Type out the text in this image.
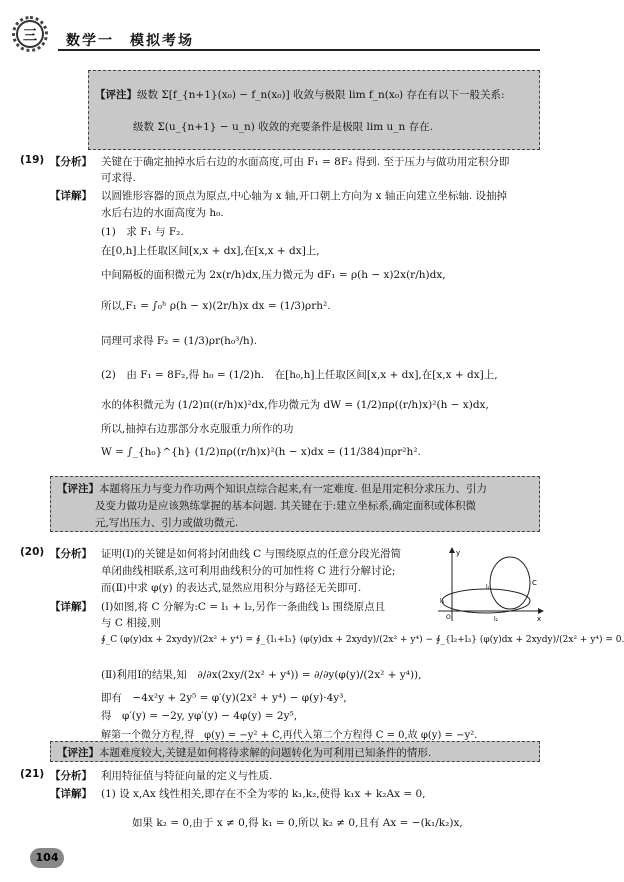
三 数学一　模拟考场
【评注】级数 Σ[f_{n+1}(x₀) − f_n(x₀)] 收敛与极限 lim f_n(x₀) 存在有以下一般关系:
级数 Σ(u_{n+1} − u_n) 收敛的充要条件是极限 lim u_n 存在.
(19) 【分析】 关键在于确定抽掉水后右边的水面高度,可由 F₁ = 8F₂ 得到. 至于压力与做功用定积分即
可求得.
【详解】 以圆锥形容器的顶点为原点,中心轴为 x 轴,开口朝上方向为 x 轴正向建立坐标轴. 设抽掉
水后右边的水面高度为 h₀.
(1)　求 F₁ 与 F₂.
在[0,h]上任取区间[x,x + dx],在[x,x + dx]上,
中间隔板的面积微元为 2x(r/h)dx,压力微元为 dF₁ = ρ(h − x)2x(r/h)dx,
所以,F₁ = ∫₀ʰ ρ(h − x)(2r/h)x dx = (1/3)ρrh².
同理可求得 F₂ = (1/3)ρr(h₀³/h).
(2)　由 F₁ = 8F₂,得 h₀ = (1/2)h.　在[h₀,h]上任取区间[x,x + dx],在[x,x + dx]上,
水的体积微元为 (1/2)π((r/h)x)²dx,作功微元为 dW = (1/2)πρ((r/h)x)²(h − x)dx,
所以,抽掉右边那部分水克服重力所作的功
W = ∫_{h₀}^{h} (1/2)πρ((r/h)x)²(h − x)dx = (11/384)πρr²h².
【评注】本题将压力与变力作功两个知识点综合起来,有一定难度. 但是用定积分求压力、引力
及变力做功是应该熟练掌握的基本问题. 其关键在于:建立坐标系,确定面积或体积微
元,写出压力、引力或做功微元.
(20) 【分析】 证明(Ⅰ)的关键是如何将封闭曲线 C 与围绕原点的任意分段光滑简
单闭曲线相联系,这可利用曲线积分的可加性将 C 进行分解讨论;
而(Ⅱ)中求 φ(y) 的表达式,显然应用积分与路径无关即可.
【详解】 (Ⅰ)如图,将 C 分解为:C = l₁ + l₂,另作一条曲线 l₃ 围绕原点且
与 C 相接,则
∮_C (φ(y)dx + 2xydy)/(2x² + y⁴) = ∮_{l₁+l₃} (φ(y)dx + 2xydy)/(2x² + y⁴) − ∮_{l₂+l₃} (φ(y)dx + 2xydy)/(2x² + y⁴) = 0.
(Ⅱ)利用Ⅰ的结果,知　∂/∂x(2xy/(2x² + y⁴)) = ∂/∂y(φ(y)/(2x² + y⁴)),
即有　−4x²y + 2y⁵ = φ′(y)(2x² + y⁴) − φ(y)·4y³,
得　φ′(y) = −2y, yφ′(y) − 4φ(y) = 2y⁵,
解第一个微分方程,得　φ(y) = −y² + C,再代入第二个方程得 C = 0,故 φ(y) = −y².
y
x
O
C
l₁
l₂
l₃
【评注】本题难度较大,关键是如何将待求解的问题转化为可利用已知条件的情形.
(21) 【分析】 利用特征值与特征向量的定义与性质.
【详解】 (1) 设 x,Ax 线性相关,即存在不全为零的 k₁,k₂,使得 k₁x + k₂Ax = 0,
如果 k₂ = 0,由于 x ≠ 0,得 k₁ = 0,所以 k₂ ≠ 0,且有 Ax = −(k₁/k₂)x,
104
